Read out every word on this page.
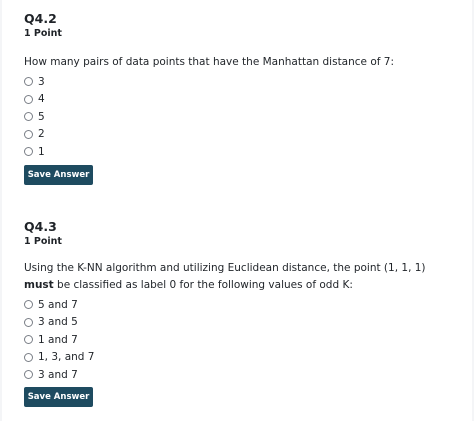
Q4.2

1 Point

How many pairs of data points that have the Manhattan distance of 7:

3
4
5
2
1
Save Answer

Q4.3

1 Point

Using the K-NN algorithm and utilizing Euclidean distance, the point (1, 1, 1) must be classified as label 0 for the following values of odd K:

5 and 7
3 and 5
1 and 7
1, 3, and 7
3 and 7
Save Answer
